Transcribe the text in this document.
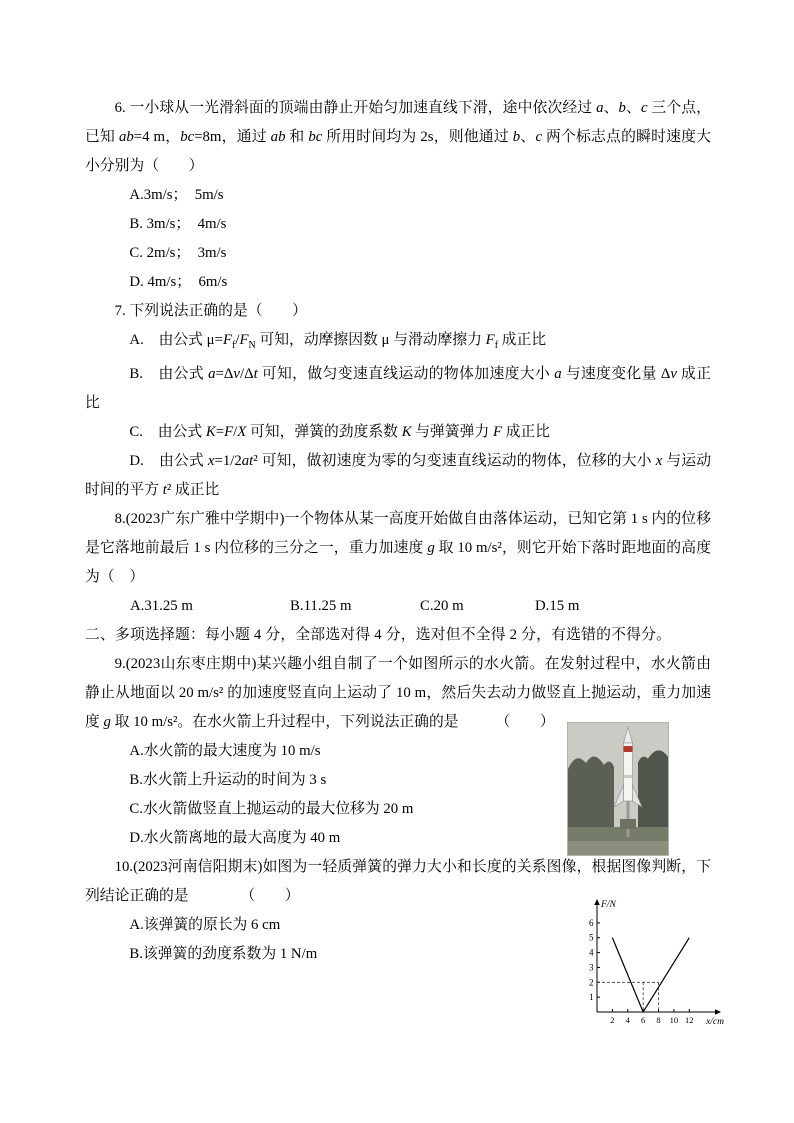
6. 一小球从一光滑斜面的顶端由静止开始匀加速直线下滑，途中依次经过 a、b、c 三个点，已知 ab=4 m，bc=8m，通过 ab 和 bc 所用时间均为 2s，则他通过 b、c 两个标志点的瞬时速度大小分别为（　　）

A.3m/s；　5m/s

B. 3m/s；　4m/s

C. 2m/s；　3m/s

D. 4m/s；　6m/s

7. 下列说法正确的是（　　）

A.　由公式 $\mu=F_f/F_N$ 可知，动摩擦因数 μ 与滑动摩擦力 $F_f$ 成正比

B.　由公式 a=Δv/Δt 可知，做匀变速直线运动的物体加速度大小 a 与速度变化量 Δv 成正比

C.　由公式 K=F/X 可知，弹簧的劲度系数 K 与弹簧弹力 F 成正比

D.　由公式 x=1/2at² 可知，做初速度为零的匀变速直线运动的物体，位移的大小 x 与运动时间的平方 t² 成正比

8.(2023广东广雅中学期中)一个物体从某一高度开始做自由落体运动，已知它第 1 s 内的位移是它落地前最后 1 s 内位移的三分之一，重力加速度 g 取 10 m/s²，则它开始下落时距地面的高度为（　）

A.31.25 m	B.11.25 m	C.20 m	D.15 m

二、多项选择题：每小题 4 分，全部选对得 4 分，选对但不全得 2 分，有选错的不得分。

9.(2023山东枣庄期中)某兴趣小组自制了一个如图所示的水火箭。在发射过程中，水火箭由静止从地面以 20 m/s² 的加速度竖直向上运动了 10 m，然后失去动力做竖直上抛运动，重力加速度 g 取 10 m/s²。在水火箭上升过程中，下列说法正确的是　　　（　　）

A.水火箭的最大速度为 10 m/s

B.水火箭上升运动的时间为 3 s

C.水火箭做竖直上抛运动的最大位移为 20 m

D.水火箭离地的最大高度为 40 m

1
2
3
4
5
6
2 4 6 8 10 12
F/N
x/cm

10.(2023河南信阳期末)如图为一轻质弹簧的弹力大小和长度的关系图像，根据图像判断，下列结论正确的是　　　　（　　）

A.该弹簧的原长为 6 cm

B.该弹簧的劲度系数为 1 N/m
